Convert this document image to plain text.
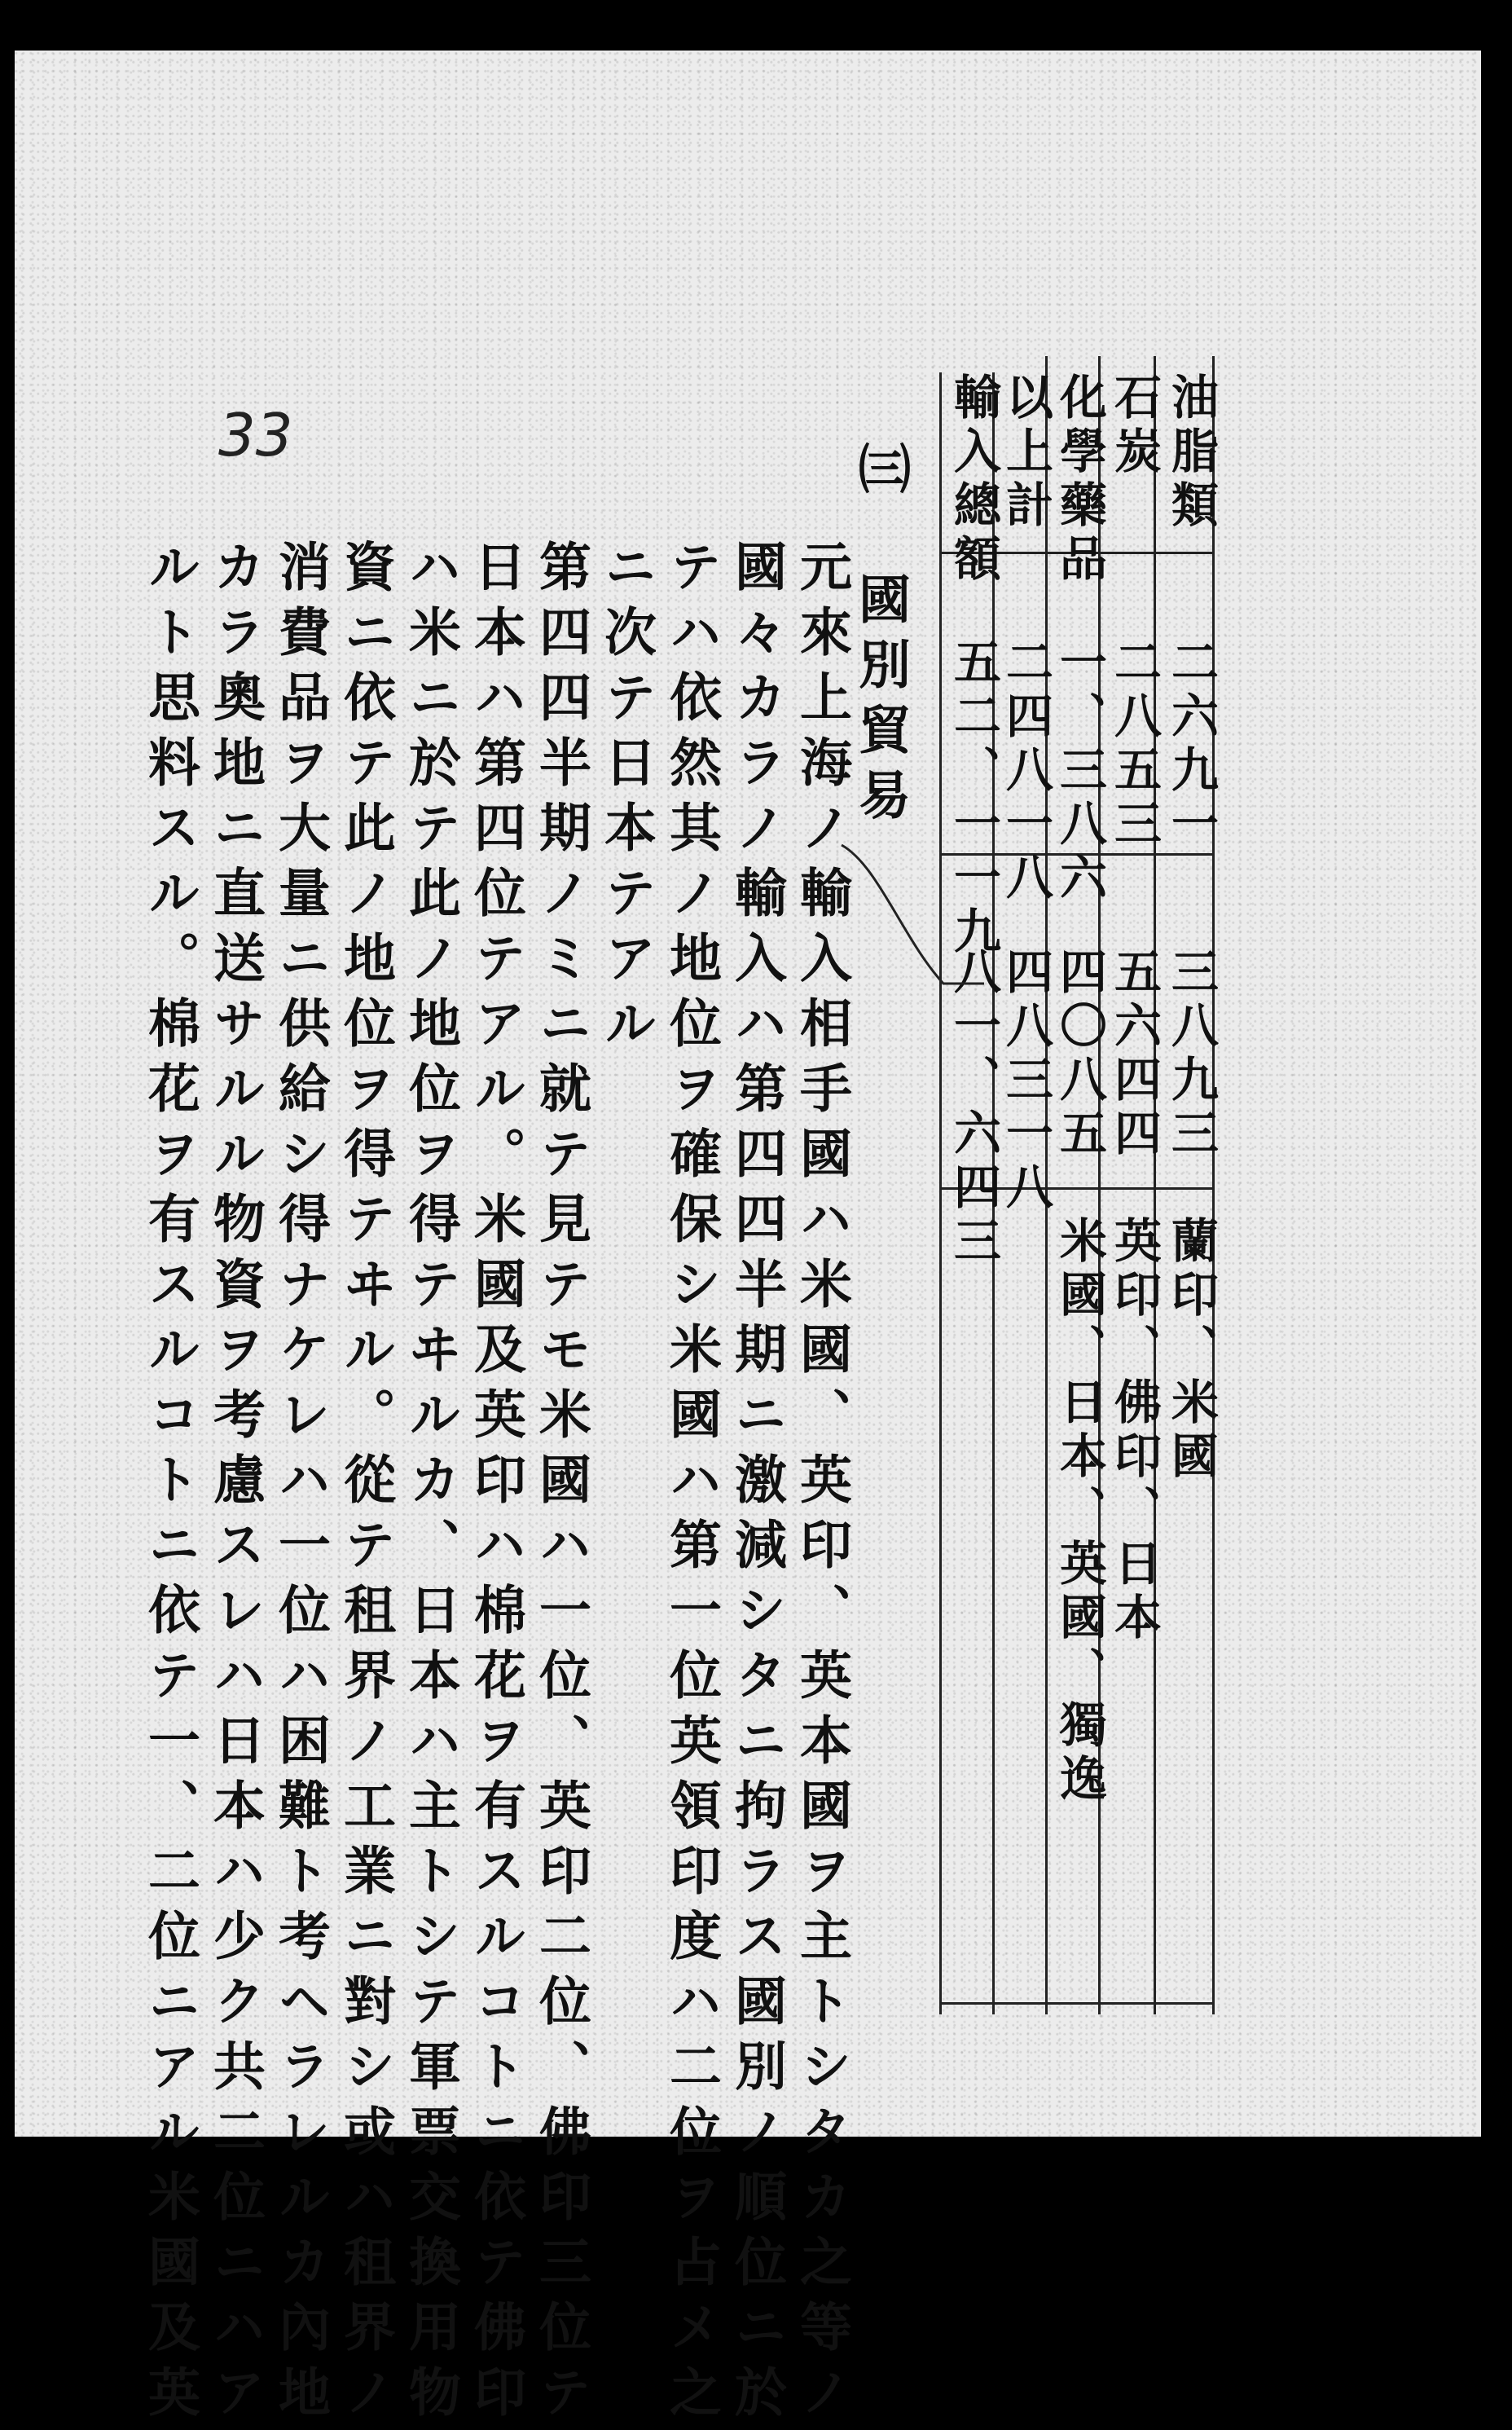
33	油脂類
二六九一
三八九三
蘭印、米國
石炭
二八五三
五六四四
英印、佛印、日本
化學藥品
一、三八六
四〇八五
米國、日本、英國、獨逸
以上計
二四八一八
四八三一八
輸入總額
五二、一一九
八一、六四三
㈢　國別貿易
元來上海ノ輸入相手國ハ米國、英印、英本國ヲ主トシタカ之等ノ
國々カラノ輸入ハ第四四半期ニ激減シタニ拘ラス國別ノ順位ニ於
テハ依然其ノ地位ヲ確保シ米國ハ第一位英領印度ハ二位ヲ占メ之
ニ次テ日本テアル
第四四半期ノミニ就テ見テモ米國ハ一位、英印二位、佛印三位テ
日本ハ第四位テアル。米國及英印ハ棉花ヲ有スルコトニ依テ佛印
ハ米ニ於テ此ノ地位ヲ得テヰルカ、日本ハ主トシテ軍票交換用物
資ニ依テ此ノ地位ヲ得テヰル。從テ租界ノ工業ニ對シ或ハ租界ノ
消費品ヲ大量ニ供給シ得ナケレハ一位ハ困難ト考ヘラレルカ內地
カラ奧地ニ直送サルル物資ヲ考慮スレハ日本ハ少ク共二位ニハア
ルト思料スル。棉花ヲ有スルコトニ依テ一、二位ニアル米國及英
